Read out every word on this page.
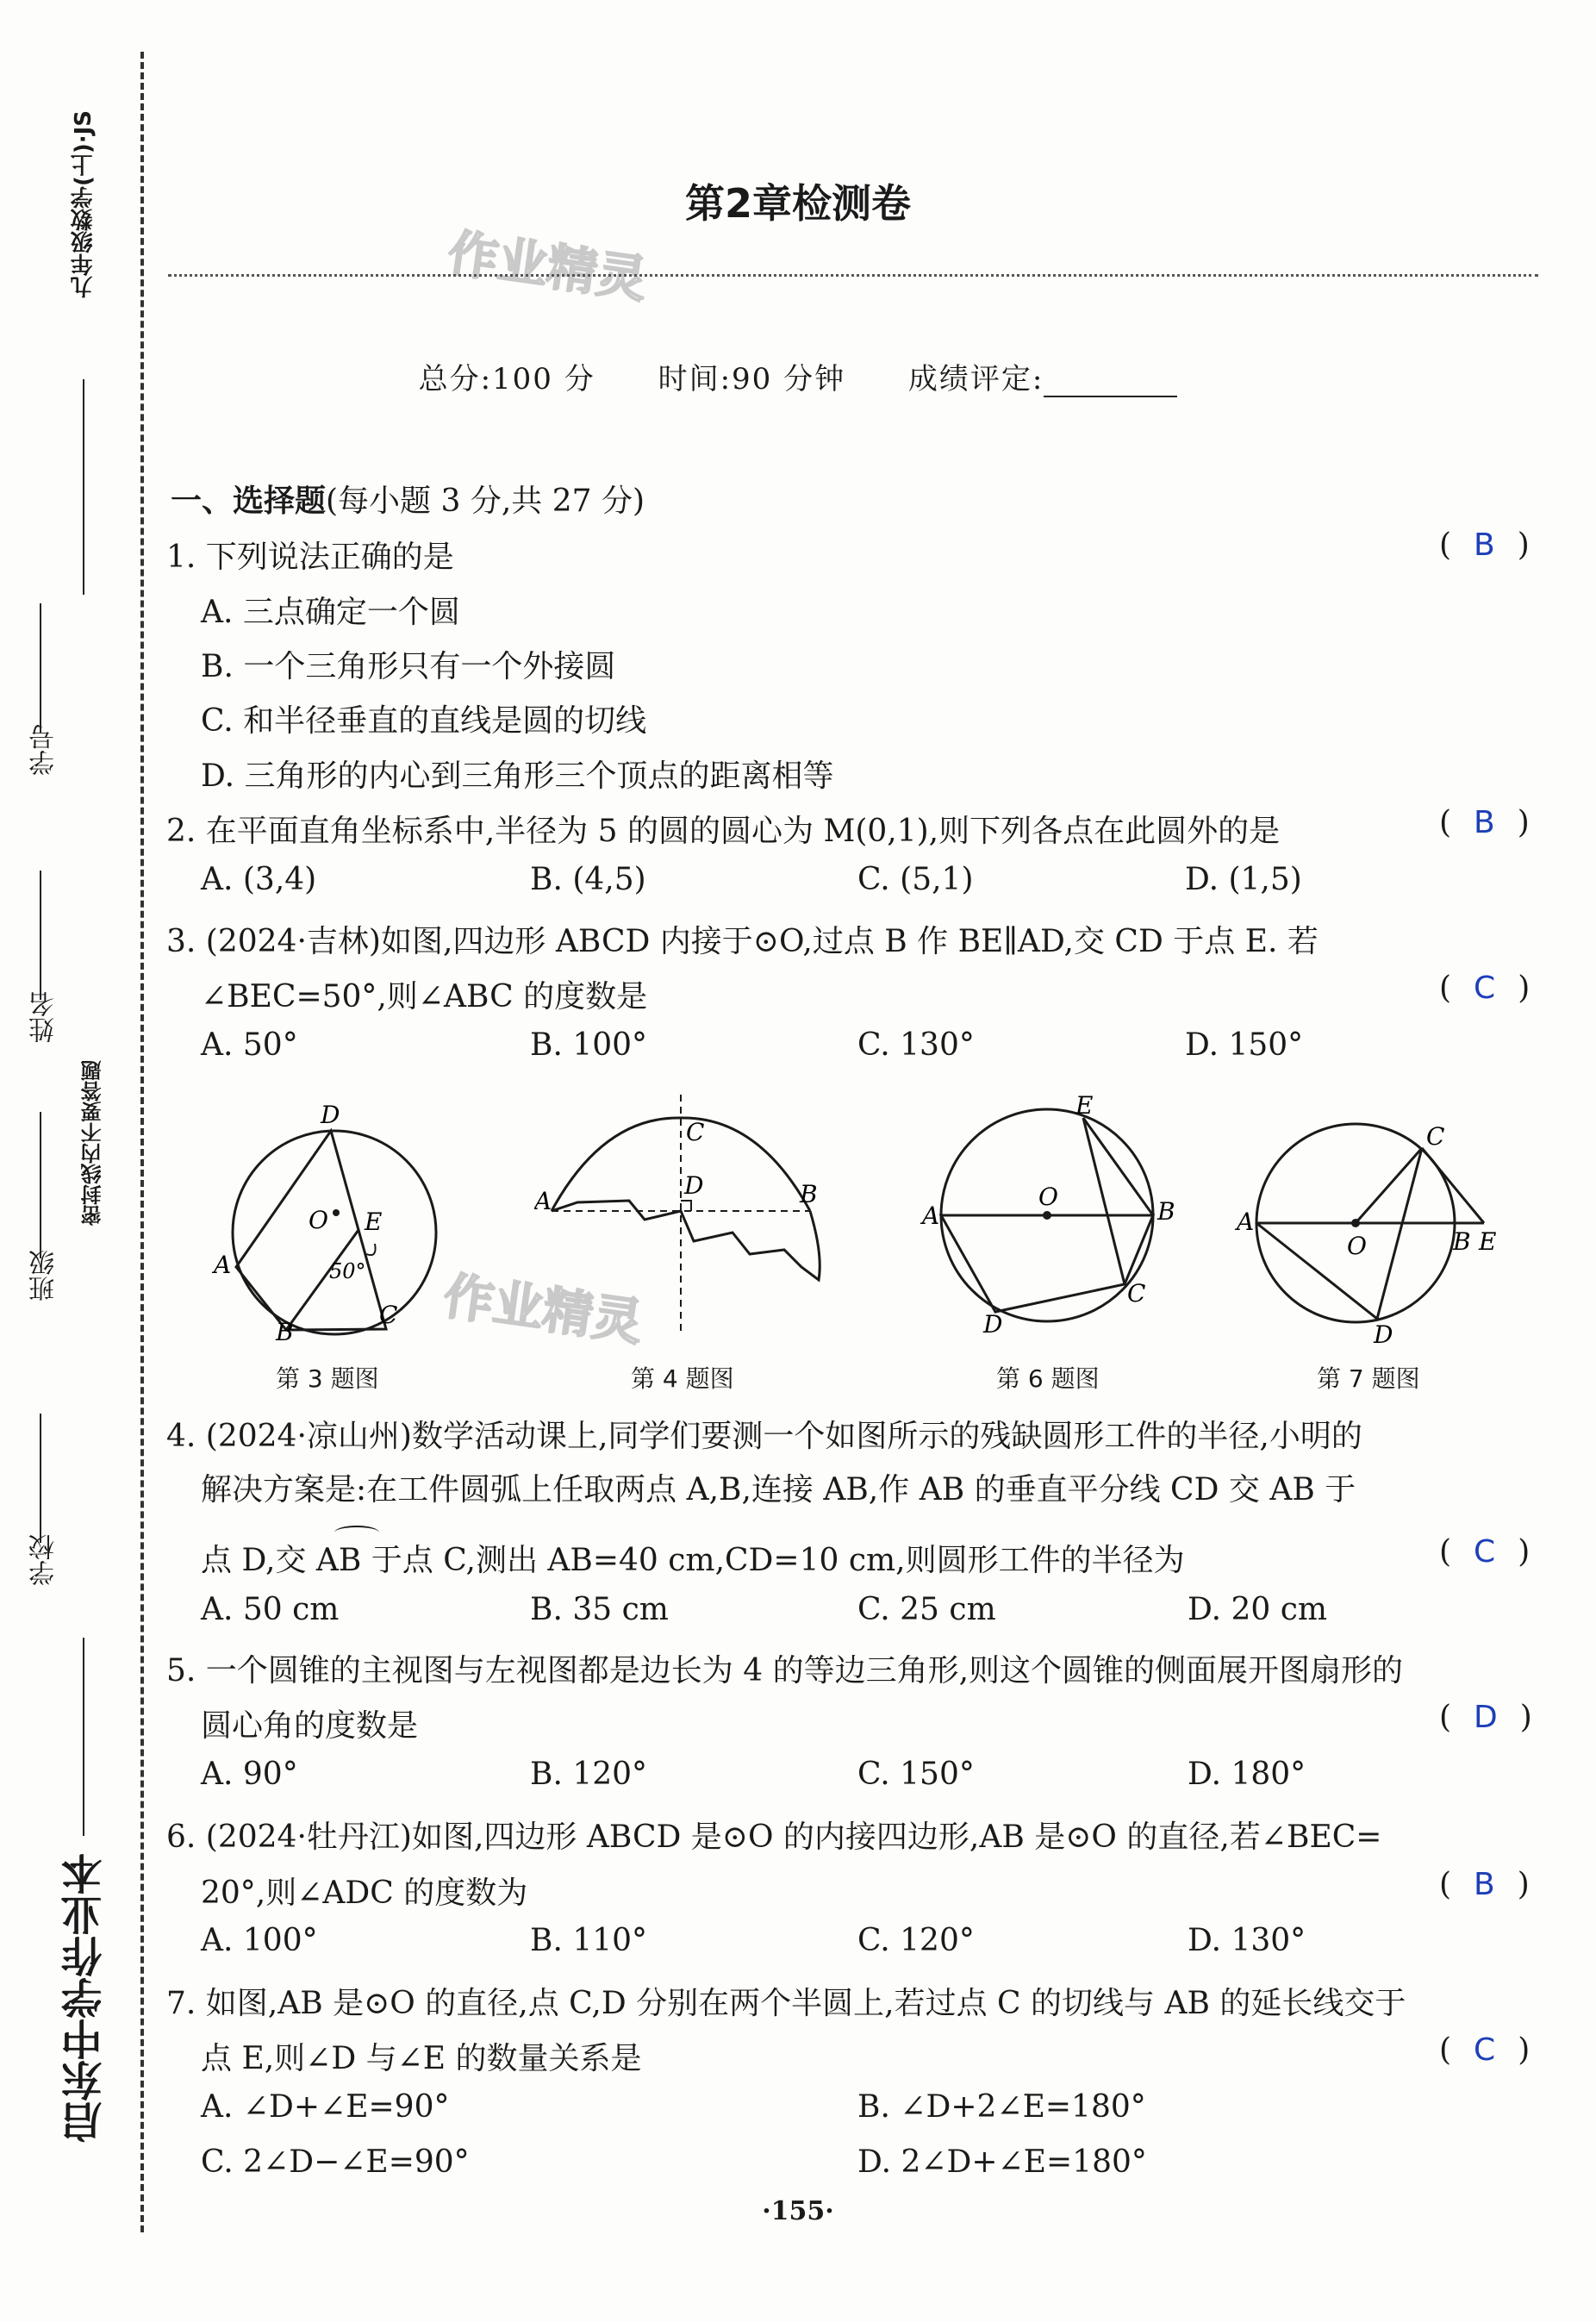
九年级数学(上)·JS
学号
姓名
班级
密封线内不要答题
学校
启东中学作业本
第2章检测卷
作业精灵
总分:100 分 时间:90 分钟 成绩评定:
一、选择题(每小题 3 分,共 27 分)
1. 下列说法正确的是	( B )
A. 三点确定一个圆
B. 一个三角形只有一个外接圆
C. 和半径垂直的直线是圆的切线
D. 三角形的内心到三角形三个顶点的距离相等
2. 在平面直角坐标系中,半径为 5 的圆的圆心为 M(0,1),则下列各点在此圆外的是	( B )
A. (3,4)	B. (4,5)	C. (5,1)	D. (1,5)
3. (2024·吉林)如图,四边形 ABCD 内接于⊙O,过点 B 作 BE∥AD,交 CD 于点 E. 若
∠BEC=50°,则∠ABC 的度数是	( C )
A. 50°	B. 100°	C. 130°	D. 150°
D
A
B
C
E
O
50°
C
A
D	B
E
O
A	B
C
D
C
A
O	B E
D
作业精灵
第 3 题图	第 4 题图	第 6 题图	第 7 题图
4. (2024·凉山州)数学活动课上,同学们要测一个如图所示的残缺圆形工件的半径,小明的
解决方案是:在工件圆弧上任取两点 A,B,连接 AB,作 AB 的垂直平分线 CD 交 AB 于
点 D,交 AB 于点 C,测出 AB=40 cm,CD=10 cm,则圆形工件的半径为	( C )
A. 50 cm	B. 35 cm	C. 25 cm	D. 20 cm
5. 一个圆锥的主视图与左视图都是边长为 4 的等边三角形,则这个圆锥的侧面展开图扇形的
圆心角的度数是	( D )
A. 90°	B. 120°	C. 150°	D. 180°
6. (2024·牡丹江)如图,四边形 ABCD 是⊙O 的内接四边形,AB 是⊙O 的直径,若∠BEC=
20°,则∠ADC 的度数为	( B )
A. 100°	B. 110°	C. 120°	D. 130°
7. 如图,AB 是⊙O 的直径,点 C,D 分别在两个半圆上,若过点 C 的切线与 AB 的延长线交于
点 E,则∠D 与∠E 的数量关系是	( C )
A. ∠D+∠E=90°	B. ∠D+2∠E=180°
C. 2∠D−∠E=90°	D. 2∠D+∠E=180°
·155·
